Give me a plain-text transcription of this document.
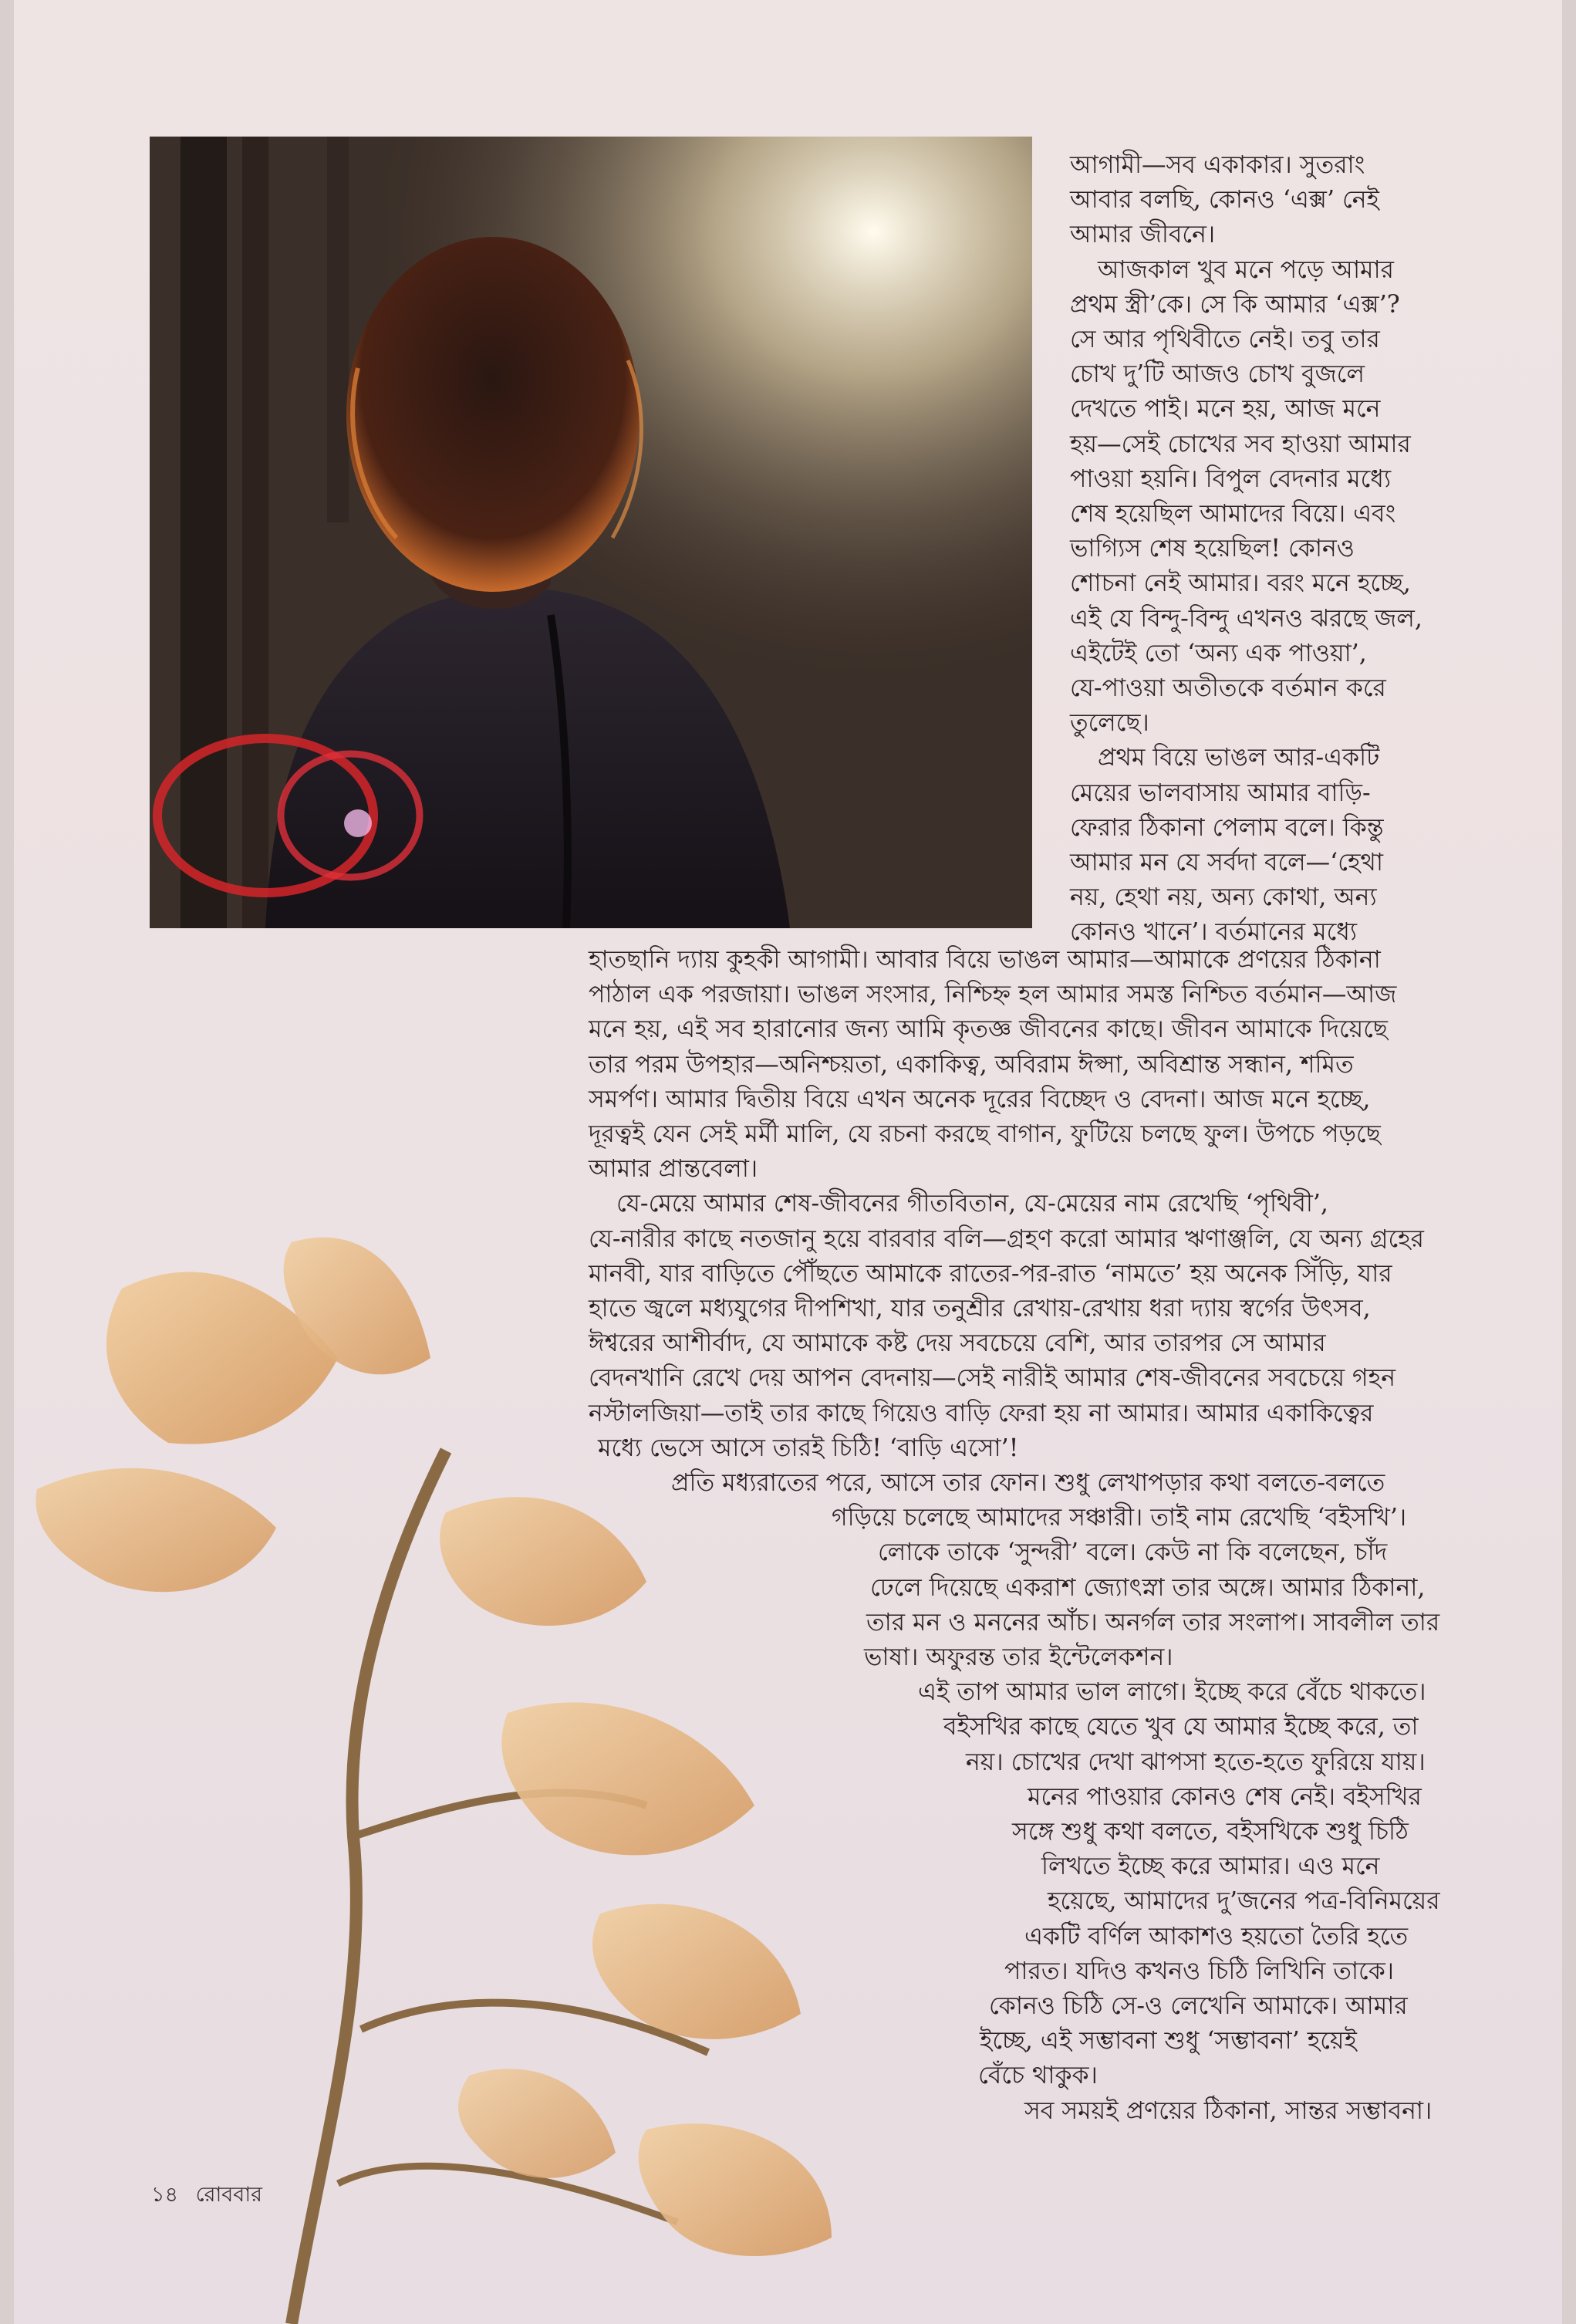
আগামী—সব একাকার। সুতরাং
আবার বলছি, কোনও ‘এক্স’ নেই
আমার জীবনে।
আজকাল খুব মনে পড়ে আমার
প্রথম স্ত্রী’কে। সে কি আমার ‘এক্স’?
সে আর পৃথিবীতে নেই। তবু তার
চোখ দু’টি আজও চোখ বুজলে
দেখতে পাই। মনে হয়, আজ মনে
হয়—সেই চোখের সব হাওয়া আমার
পাওয়া হয়নি। বিপুল বেদনার মধ্যে
শেষ হয়েছিল আমাদের বিয়ে। এবং
ভাগ্যিস শেষ হয়েছিল! কোনও
শোচনা নেই আমার। বরং মনে হচ্ছে,
এই যে বিন্দু-বিন্দু এখনও ঝরছে জল,
এইটেই তো ‘অন্য এক পাওয়া’,
যে-পাওয়া অতীতকে বর্তমান করে
তুলেছে।
প্রথম বিয়ে ভাঙল আর-একটি
মেয়ের ভালবাসায় আমার বাড়ি-
ফেরার ঠিকানা পেলাম বলে। কিন্তু
আমার মন যে সর্বদা বলে—‘হেথা
নয়, হেথা নয়, অন্য কোথা, অন্য
কোনও খানে’। বর্তমানের মধ্যে
হাতছানি দ্যায় কুহকী আগামী। আবার বিয়ে ভাঙল আমার—আমাকে প্রণয়ের ঠিকানা
পাঠাল এক পরজায়া। ভাঙল সংসার, নিশ্চিহ্ন হল আমার সমস্ত নিশ্চিত বর্তমান—আজ
মনে হয়, এই সব হারানোর জন্য আমি কৃতজ্ঞ জীবনের কাছে। জীবন আমাকে দিয়েছে
তার পরম উপহার—অনিশ্চয়তা, একাকিত্ব, অবিরাম ঈপ্সা, অবিশ্রান্ত সন্ধান, শমিত
সমর্পণ। আমার দ্বিতীয় বিয়ে এখন অনেক দূরের বিচ্ছেদ ও বেদনা। আজ মনে হচ্ছে,
দূরত্বই যেন সেই মর্মী মালি, যে রচনা করছে বাগান, ফুটিয়ে চলছে ফুল। উপচে পড়ছে
আমার প্রান্তবেলা।
যে-মেয়ে আমার শেষ-জীবনের গীতবিতান, যে-মেয়ের নাম রেখেছি ‘পৃথিবী’,
যে-নারীর কাছে নতজানু হয়ে বারবার বলি—গ্রহণ করো আমার ঋণাঞ্জলি, যে অন্য গ্রহের
মানবী, যার বাড়িতে পৌঁছতে আমাকে রাতের-পর-রাত ‘নামতে’ হয় অনেক সিঁড়ি, যার
হাতে জ্বলে মধ্যযুগের দীপশিখা, যার তনুশ্রীর রেখায়-রেখায় ধরা দ্যায় স্বর্গের উৎসব,
ঈশ্বরের আশীর্বাদ, যে আমাকে কষ্ট দেয় সবচেয়ে বেশি, আর তারপর সে আমার
বেদনখানি রেখে দেয় আপন বেদনায়—সেই নারীই আমার শেষ-জীবনের সবচেয়ে গহন
নস্টালজিয়া—তাই তার কাছে গিয়েও বাড়ি ফেরা হয় না আমার। আমার একাকিত্বের
মধ্যে ভেসে আসে তারই চিঠি! ‘বাড়ি এসো’!
প্রতি মধ্যরাতের পরে, আসে তার ফোন। শুধু লেখাপড়ার কথা বলতে-বলতে
গড়িয়ে চলেছে আমাদের সঞ্চারী। তাই নাম রেখেছি ‘বইসখি’।
লোকে তাকে ‘সুন্দরী’ বলে। কেউ না কি বলেছেন, চাঁদ
ঢেলে দিয়েছে একরাশ জ্যোৎস্না তার অঙ্গে। আমার ঠিকানা,
তার মন ও মননের আঁচ। অনর্গল তার সংলাপ। সাবলীল তার
ভাষা। অফুরন্ত তার ইন্টেলেকশন।
এই তাপ আমার ভাল লাগে। ইচ্ছে করে বেঁচে থাকতে।
বইসখির কাছে যেতে খুব যে আমার ইচ্ছে করে, তা
নয়। চোখের দেখা ঝাপসা হতে-হতে ফুরিয়ে যায়।
মনের পাওয়ার কোনও শেষ নেই। বইসখির
সঙ্গে শুধু কথা বলতে, বইসখিকে শুধু চিঠি
লিখতে ইচ্ছে করে আমার। এও মনে
হয়েছে, আমাদের দু’জনের পত্র-বিনিময়ের
একটি বর্ণিল আকাশও হয়তো তৈরি হতে
পারত। যদিও কখনও চিঠি লিখিনি তাকে।
কোনও চিঠি সে-ও লেখেনি আমাকে। আমার
ইচ্ছে, এই সম্ভাবনা শুধু ‘সম্ভাবনা’ হয়েই
বেঁচে থাকুক।
সব সময়ই প্রণয়ের ঠিকানা, সান্তর সম্ভাবনা।
১৪ রোববার
